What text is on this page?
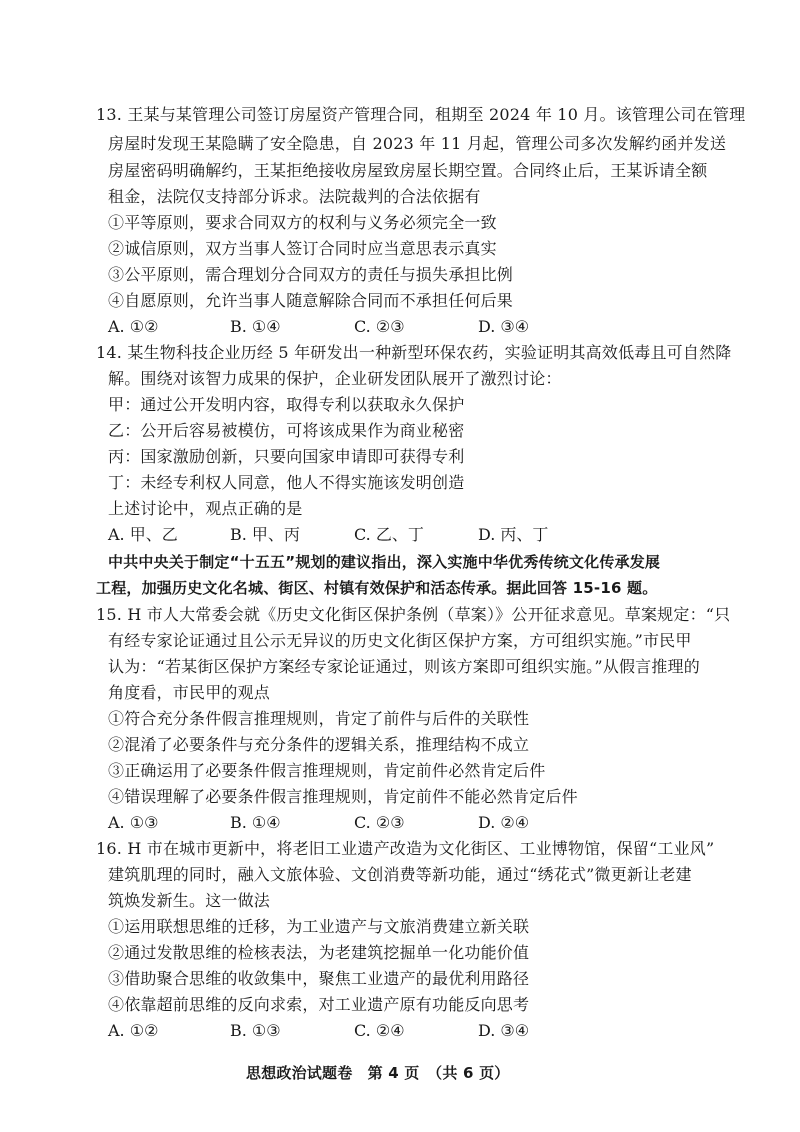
13. 王某与某管理公司签订房屋资产管理合同，租期至 2024 年 10 月。该管理公司在管理
房屋时发现王某隐瞒了安全隐患，自 2023 年 11 月起，管理公司多次发解约函并发送
房屋密码明确解约，王某拒绝接收房屋致房屋长期空置。合同终止后，王某诉请全额
租金，法院仅支持部分诉求。法院裁判的合法依据有
①平等原则，要求合同双方的权利与义务必须完全一致
②诚信原则，双方当事人签订合同时应当意思表示真实
③公平原则，需合理划分合同双方的责任与损失承担比例
④自愿原则，允许当事人随意解除合同而不承担任何后果
A. ①②	B. ①④	C. ②③	D. ③④
14. 某生物科技企业历经 5 年研发出一种新型环保农药，实验证明其高效低毒且可自然降
解。围绕对该智力成果的保护，企业研发团队展开了激烈讨论：
甲：通过公开发明内容，取得专利以获取永久保护
乙：公开后容易被模仿，可将该成果作为商业秘密
丙：国家激励创新，只要向国家申请即可获得专利
丁：未经专利权人同意，他人不得实施该发明创造
上述讨论中，观点正确的是
A. 甲、乙	B. 甲、丙	C. 乙、丁	D. 丙、丁
中共中央关于制定“十五五”规划的建议指出，深入实施中华优秀传统文化传承发展
工程，加强历史文化名城、街区、村镇有效保护和活态传承。据此回答 15-16 题。
15. H 市人大常委会就《历史文化街区保护条例（草案）》公开征求意见。草案规定：“只
有经专家论证通过且公示无异议的历史文化街区保护方案，方可组织实施。”市民甲
认为：“若某街区保护方案经专家论证通过，则该方案即可组织实施。”从假言推理的
角度看，市民甲的观点
①符合充分条件假言推理规则，肯定了前件与后件的关联性
②混淆了必要条件与充分条件的逻辑关系，推理结构不成立
③正确运用了必要条件假言推理规则，肯定前件必然肯定后件
④错误理解了必要条件假言推理规则，肯定前件不能必然肯定后件
A. ①③	B. ①④	C. ②③	D. ②④
16. H 市在城市更新中，将老旧工业遗产改造为文化街区、工业博物馆，保留“工业风”
建筑肌理的同时，融入文旅体验、文创消费等新功能，通过“绣花式”微更新让老建
筑焕发新生。这一做法
①运用联想思维的迁移，为工业遗产与文旅消费建立新关联
②通过发散思维的检核表法，为老建筑挖掘单一化功能价值
③借助聚合思维的收敛集中，聚焦工业遗产的最优利用路径
④依靠超前思维的反向求索，对工业遗产原有功能反向思考
A. ①②	B. ①③	C. ②④	D. ③④
思想政治试题卷　第 4 页　（共 6 页）
